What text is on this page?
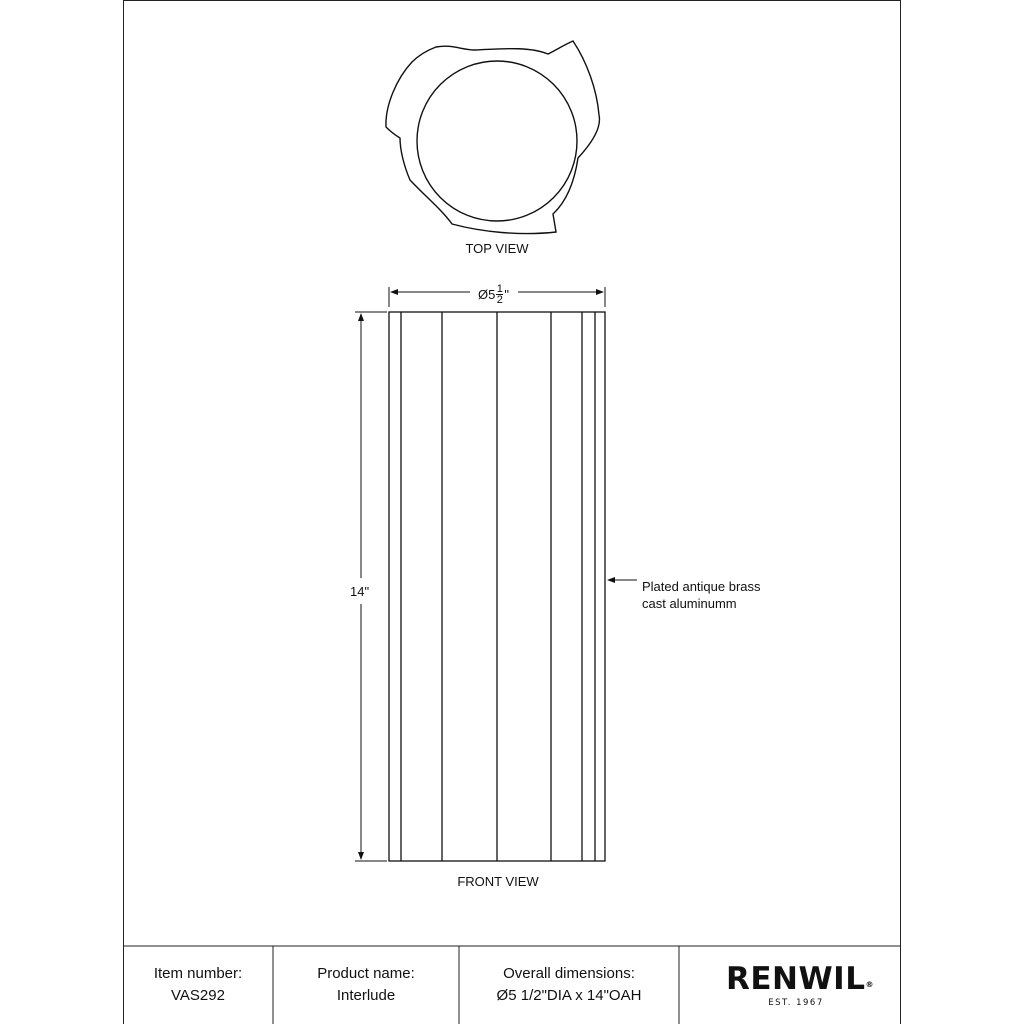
TOP VIEW
FRONT VIEW
Ø5 $\frac{1}{2}$ "
14"	Plated antique brass
cast aluminumm
Item number:
VAS292
Product name:
Interlude
Overall dimensions:
Ø5 1/2"DIA x 14"OAH	RENWIL®
EST. 1967
